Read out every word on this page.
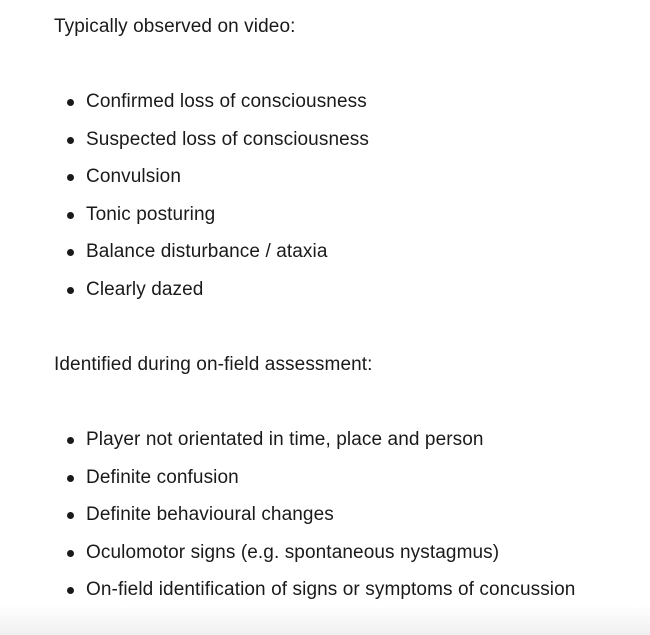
Typically observed on video:
Confirmed loss of consciousness
Suspected loss of consciousness
Convulsion
Tonic posturing
Balance disturbance / ataxia
Clearly dazed
Identified during on-field assessment:
Player not orientated in time, place and person
Definite confusion
Definite behavioural changes
Oculomotor signs (e.g. spontaneous nystagmus)
On-field identification of signs or symptoms of concussion
